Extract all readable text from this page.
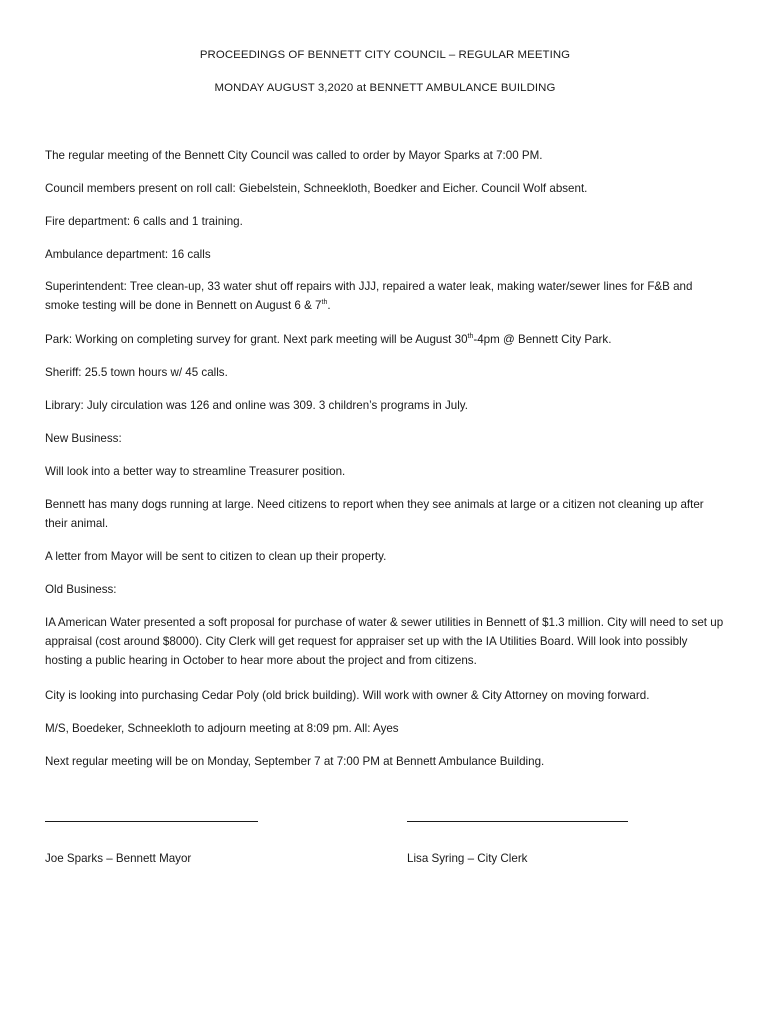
PROCEEDINGS OF BENNETT CITY COUNCIL – REGULAR MEETING
MONDAY AUGUST 3,2020 at BENNETT AMBULANCE BUILDING
The regular meeting of the Bennett City Council was called to order by Mayor Sparks at 7:00 PM.
Council members present on roll call: Giebelstein, Schneekloth, Boedker and Eicher. Council Wolf absent.
Fire department: 6 calls and 1 training.
Ambulance department: 16 calls
Superintendent: Tree clean-up, 33 water shut off repairs with JJJ, repaired a water leak, making water/sewer lines for F&B and smoke testing will be done in Bennett on August 6 & 7th.
Park: Working on completing survey for grant. Next park meeting will be August 30th-4pm @ Bennett City Park.
Sheriff: 25.5 town hours w/ 45 calls.
Library: July circulation was 126 and online was 309. 3 children’s programs in July.
New Business:
Will look into a better way to streamline Treasurer position.
Bennett has many dogs running at large. Need citizens to report when they see animals at large or a citizen not cleaning up after their animal.
A letter from Mayor will be sent to citizen to clean up their property.
Old Business:
IA American Water presented a soft proposal for purchase of water & sewer utilities in Bennett of $1.3 million. City will need to set up appraisal (cost around $8000). City Clerk will get request for appraiser set up with the IA Utilities Board. Will look into possibly hosting a public hearing in October to hear more about the project and from citizens.
City is looking into purchasing Cedar Poly (old brick building). Will work with owner & City Attorney on moving forward.
M/S, Boedeker, Schneekloth to adjourn meeting at 8:09 pm. All: Ayes
Next regular meeting will be on Monday, September 7 at 7:00 PM at Bennett Ambulance Building.
Joe Sparks – Bennett Mayor	Lisa Syring – City Clerk
